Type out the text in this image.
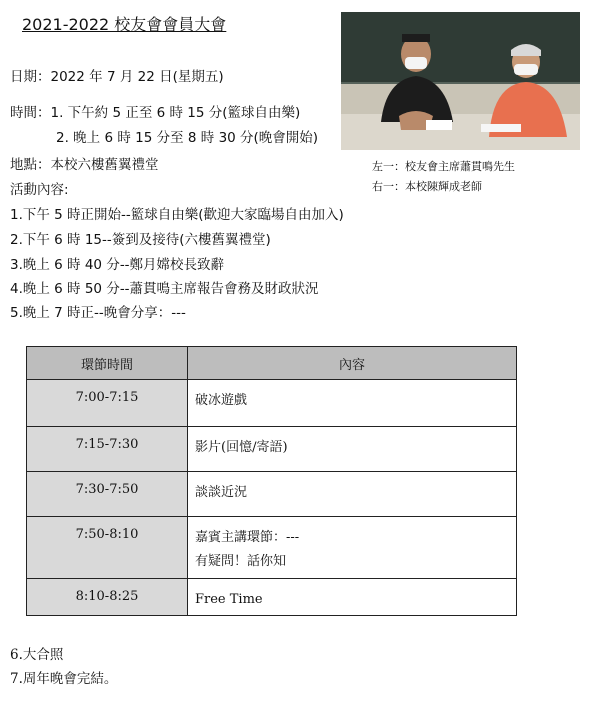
2021-2022 校友會會員大會
日期：2022 年 7 月 22 日(星期五)
時間：1. 下午約 5 正至 6 時 15 分(籃球自由樂)
2. 晚上 6 時 15 分至 8 時 30 分(晚會開始)
地點：本校六樓舊翼禮堂	左一：校友會主席蕭貫鳴先生
右一：本校陳輝成老師
活動內容:
1.下午 5 時正開始--籃球自由樂(歡迎大家臨場自由加入)
2.下午 6 時 15--簽到及接待(六樓舊翼禮堂)
3.晚上 6 時 40 分--鄭月嫦校長致辭
4.晚上 6 時 50 分--蕭貫鳴主席報告會務及財政狀況
5.晚上 7 時正--晚會分享：---
環節時間	內容
7:00-7:15	破冰遊戲
7:15-7:30	影片(回憶/寄語)
7:30-7:50	談談近況
7:50-8:10	嘉賓主講環節：---
有疑問！話你知

8:10-8:25	Free Time
6.大合照
7.周年晚會完結。
